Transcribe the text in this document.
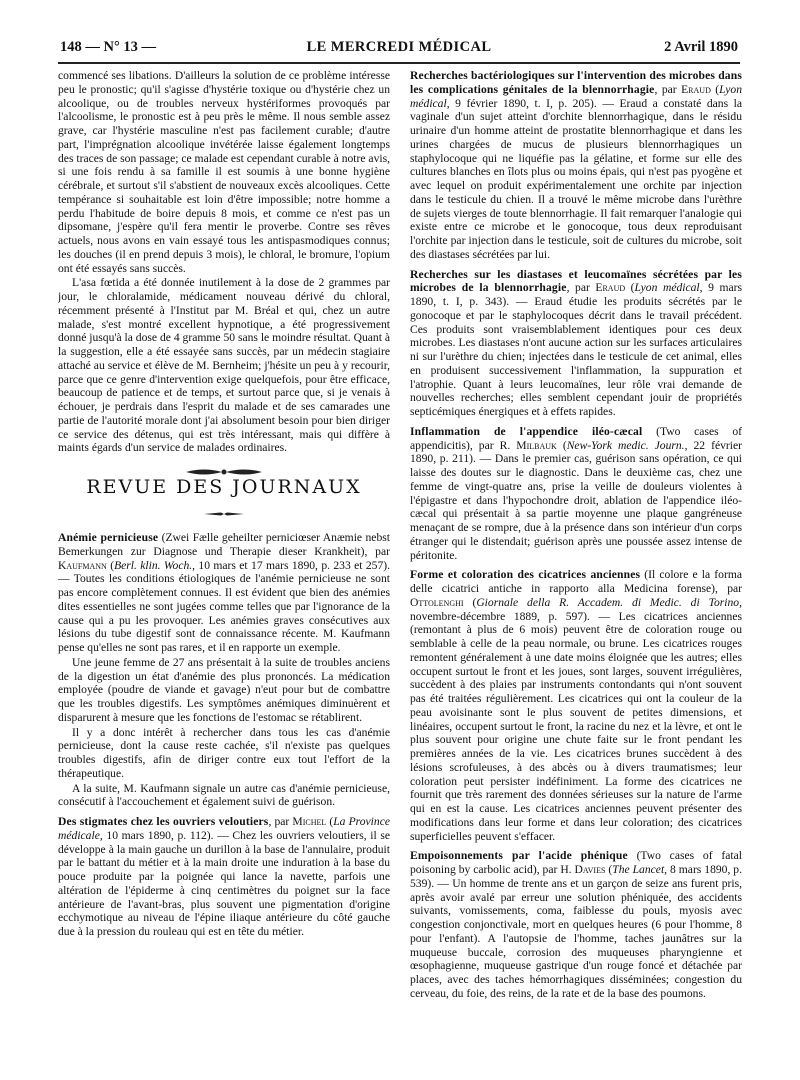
148 — N° 13 —	LE MERCREDI MÉDICAL	2 Avril 1890

commencé ses libations. D'ailleurs la solution de ce problème intéresse peu le pronostic; qu'il s'agisse d'hystérie toxique ou d'hystérie chez un alcoolique, ou de troubles nerveux hystériformes provoqués par l'alcoolisme, le pronostic est à peu près le même. Il nous semble assez grave, car l'hystérie masculine n'est pas facilement curable; d'autre part, l'imprégnation alcoolique invétérée laisse également longtemps des traces de son passage; ce malade est cependant curable à notre avis, si une fois rendu à sa famille il est soumis à une bonne hygiène cérébrale, et surtout s'il s'abstient de nouveaux excès alcooliques. Cette tempérance si souhaitable est loin d'être impossible; notre homme a perdu l'habitude de boire depuis 8 mois, et comme ce n'est pas un dipsomane, j'espère qu'il fera mentir le proverbe. Contre ses rêves actuels, nous avons en vain essayé tous les antispasmodiques connus; les douches (il en prend depuis 3 mois), le chloral, le bromure, l'opium ont été essayés sans succès.

L'asa fœtida a été donnée inutilement à la dose de 2 grammes par jour, le chloralamide, médicament nouveau dérivé du chloral, récemment présenté à l'Institut par M. Bréal et qui, chez un autre malade, s'est montré excellent hypnotique, a été progressivement donné jusqu'à la dose de 4 gramme 50 sans le moindre résultat. Quant à la suggestion, elle a été essayée sans succès, par un médecin stagiaire attaché au service et élève de M. Bernheim; j'hésite un peu à y recourir, parce que ce genre d'intervention exige quelquefois, pour être efficace, beaucoup de patience et de temps, et surtout parce que, si je venais à échouer, je perdrais dans l'esprit du malade et de ses camarades une partie de l'autorité morale dont j'ai absolument besoin pour bien diriger ce service des détenus, qui est très intéressant, mais qui diffère à maints égards d'un service de malades ordinaires.

REVUE DES JOURNAUX

Anémie pernicieuse (Zwei Fælle geheilter perniciœser Anæmie nebst Bemerkungen zur Diagnose und Therapie dieser Krankheit), par Kaufmann (Berl. klin. Woch., 10 mars et 17 mars 1890, p. 233 et 257). — Toutes les conditions étiologiques de l'anémie pernicieuse ne sont pas encore complètement connues. Il est évident que bien des anémies dites essentielles ne sont jugées comme telles que par l'ignorance de la cause qui a pu les provoquer. Les anémies graves consécutives aux lésions du tube digestif sont de connaissance récente. M. Kaufmann pense qu'elles ne sont pas rares, et il en rapporte un exemple.

Une jeune femme de 27 ans présentait à la suite de troubles anciens de la digestion un état d'anémie des plus prononcés. La médication employée (poudre de viande et gavage) n'eut pour but de combattre que les troubles digestifs. Les symptômes anémiques diminuèrent et disparurent à mesure que les fonctions de l'estomac se rétablirent.

Il y a donc intérêt à rechercher dans tous les cas d'anémie pernicieuse, dont la cause reste cachée, s'il n'existe pas quelques troubles digestifs, afin de diriger contre eux tout l'effort de la thérapeutique.

A la suite, M. Kaufmann signale un autre cas d'anémie pernicieuse, consécutif à l'accouchement et également suivi de guérison.

Des stigmates chez les ouvriers veloutiers, par Michel (La Province médicale, 10 mars 1890, p. 112). — Chez les ouvriers veloutiers, il se développe à la main gauche un durillon à la base de l'annulaire, produit par le battant du métier et à la main droite une induration à la base du pouce produite par la poignée qui lance la navette, parfois une altération de l'épiderme à cinq centimètres du poignet sur la face antérieure de l'avant-bras, plus souvent une pigmentation d'origine ecchymotique au niveau de l'épine iliaque antérieure du côté gauche due à la pression du rouleau qui est en tête du métier.

Recherches bactériologiques sur l'intervention des microbes dans les complications génitales de la blennorrhagie, par Eraud (Lyon médical, 9 février 1890, t. I, p. 205). — Eraud a constaté dans la vaginale d'un sujet atteint d'orchite blennorrhagique, dans le résidu urinaire d'un homme atteint de prostatite blennorrhagique et dans les urines chargées de mucus de plusieurs blennorrhagiques un staphylocoque qui ne liquéfie pas la gélatine, et forme sur elle des cultures blanches en îlots plus ou moins épais, qui n'est pas pyogène et avec lequel on produit expérimentalement une orchite par injection dans le testicule du chien. Il a trouvé le même microbe dans l'urèthre de sujets vierges de toute blennorrhagie. Il fait remarquer l'analogie qui existe entre ce microbe et le gonocoque, tous deux reproduisant l'orchite par injection dans le testicule, soit de cultures du microbe, soit des diastases sécrétées par lui.

Recherches sur les diastases et leucomaïnes sécrétées par les microbes de la blennorrhagie, par Eraud (Lyon médical, 9 mars 1890, t. I, p. 343). — Eraud étudie les produits sécrétés par le gonocoque et par le staphylocoques décrit dans le travail précédent. Ces produits sont vraisemblablement identiques pour ces deux microbes. Les diastases n'ont aucune action sur les surfaces articulaires ni sur l'urèthre du chien; injectées dans le testicule de cet animal, elles en produisent successivement l'inflammation, la suppuration et l'atrophie. Quant à leurs leucomaïnes, leur rôle vrai demande de nouvelles recherches; elles semblent cependant jouir de propriétés septicémiques énergiques et à effets rapides.

Inflammation de l'appendice iléo-cæcal (Two cases of appendicitis), par R. Milbauk (New-York medic. Journ., 22 février 1890, p. 211). — Dans le premier cas, guérison sans opération, ce qui laisse des doutes sur le diagnostic. Dans le deuxième cas, chez une femme de vingt-quatre ans, prise la veille de douleurs violentes à l'épigastre et dans l'hypochondre droit, ablation de l'appendice iléo-cæcal qui présentait à sa partie moyenne une plaque gangréneuse menaçant de se rompre, due à la présence dans son intérieur d'un corps étranger qui le distendait; guérison après une poussée assez intense de péritonite.

Forme et coloration des cicatrices anciennes (Il colore e la forma delle cicatrici antiche in rapporto alla Medicina forense), par Ottolenghi (Giornale della R. Accadem. di Medic. di Torino, novembre-décembre 1889, p. 597). — Les cicatrices anciennes (remontant à plus de 6 mois) peuvent être de coloration rouge ou semblable à celle de la peau normale, ou brune. Les cicatrices rouges remontent généralement à une date moins éloignée que les autres; elles occupent surtout le front et les joues, sont larges, souvent irrégulières, succèdent à des plaies par instruments contondants qui n'ont souvent pas été traitées régulièrement. Les cicatrices qui ont la couleur de la peau avoisinante sont le plus souvent de petites dimensions, et linéaires, occupent surtout le front, la racine du nez et la lèvre, et ont le plus souvent pour origine une chute faite sur le front pendant les premières années de la vie. Les cicatrices brunes succèdent à des lésions scrofuleuses, à des abcès ou à divers traumatismes; leur coloration peut persister indéfiniment. La forme des cicatrices ne fournit que très rarement des données sérieuses sur la nature de l'arme qui en est la cause. Les cicatrices anciennes peuvent présenter des modifications dans leur forme et dans leur coloration; des cicatrices superficielles peuvent s'effacer.

Empoisonnements par l'acide phénique (Two cases of fatal poisoning by carbolic acid), par H. Davies (The Lancet, 8 mars 1890, p. 539). — Un homme de trente ans et un garçon de seize ans furent pris, après avoir avalé par erreur une solution phéniquée, des accidents suivants, vomissements, coma, faiblesse du pouls, myosis avec congestion conjonctivale, mort en quelques heures (6 pour l'homme, 8 pour l'enfant). A l'autopsie de l'homme, taches jaunâtres sur la muqueuse buccale, corrosion des muqueuses pharyngienne et œsophagienne, muqueuse gastrique d'un rouge foncé et détachée par places, avec des taches hémorrhagiques disséminées; congestion du cerveau, du foie, des reins, de la rate et de la base des poumons.
